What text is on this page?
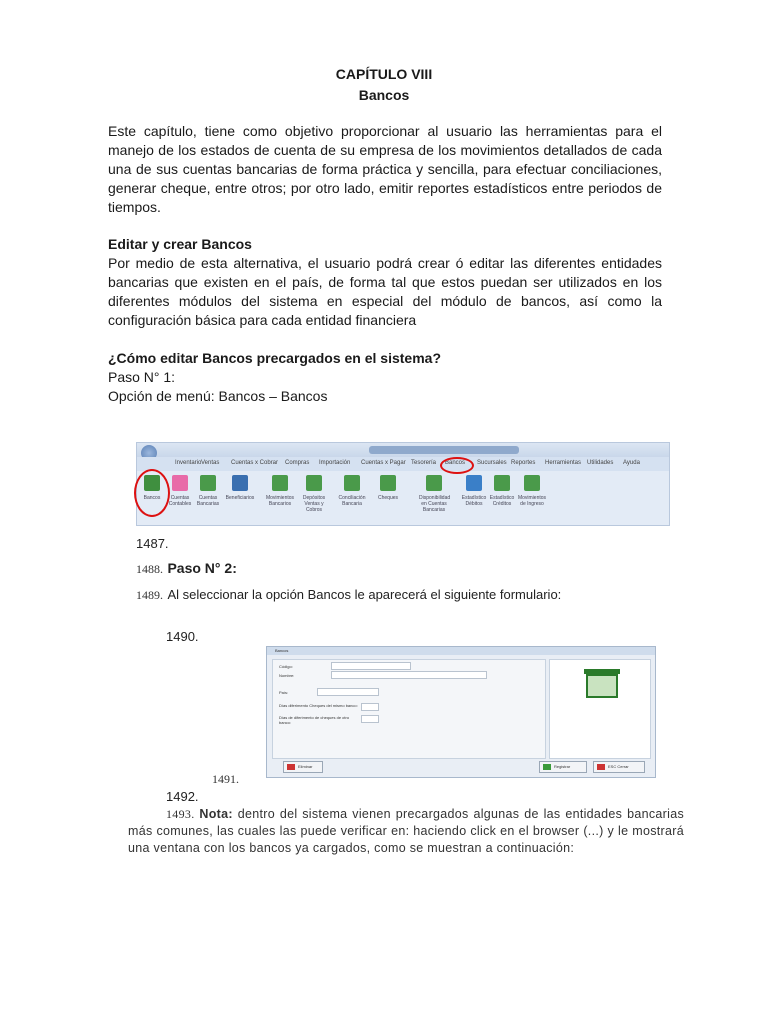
CAPÍTULO VIII
Bancos
Este capítulo, tiene como objetivo proporcionar al usuario las herramientas para el manejo de los estados de cuenta de su empresa de los movimientos detallados de cada una de sus cuentas bancarias de forma práctica y sencilla, para efectuar conciliaciones, generar cheque, entre otros; por otro lado, emitir reportes estadísticos entre periodos de tiempos.
Editar y crear Bancos
Por medio de esta alternativa, el usuario podrá crear ó editar las diferentes entidades bancarias que existen en el país, de forma tal que estos puedan ser utilizados en los diferentes módulos del sistema en especial del módulo de bancos, así como la configuración básica para cada entidad financiera
¿Cómo editar Bancos precargados en el sistema?
Paso N° 1:
Opción de menú: Bancos – Bancos
Inventario Ventas Cuentas x Cobrar Compras Importación Cuentas x Pagar Tesorería Bancos Sucursales Reportes Herramientas Utilidades Ayuda
Bancos	Cuentas Contables
Cuentas Bancarias
Beneficiarios Movimientos Bancarios
Depósitos Ventas y Cobros
Conciliación Bancaria
Cheques	Disponibilidad en Cuentas Bancarias
Estadístico Débitos
Estadístico Créditos
Movimientos de Ingreso
1487.
1488. Paso N° 2:
1489. Al seleccionar la opción Bancos le aparecerá el siguiente formulario:
1490.
Bancos
Código:
Nombre:
País:
Días diferimento Cheques del mismo banco:
Días de diferimento de cheques de otro banco:
Eliminar	Registrar	ESC Cerrar
1491.
1492.
1493. Nota: dentro del sistema vienen precargados algunas de las entidades bancarias más comunes, las cuales las puede verificar en: haciendo click en el browser (...) y le mostrará una ventana con los bancos ya cargados, como se muestran a continuación:
